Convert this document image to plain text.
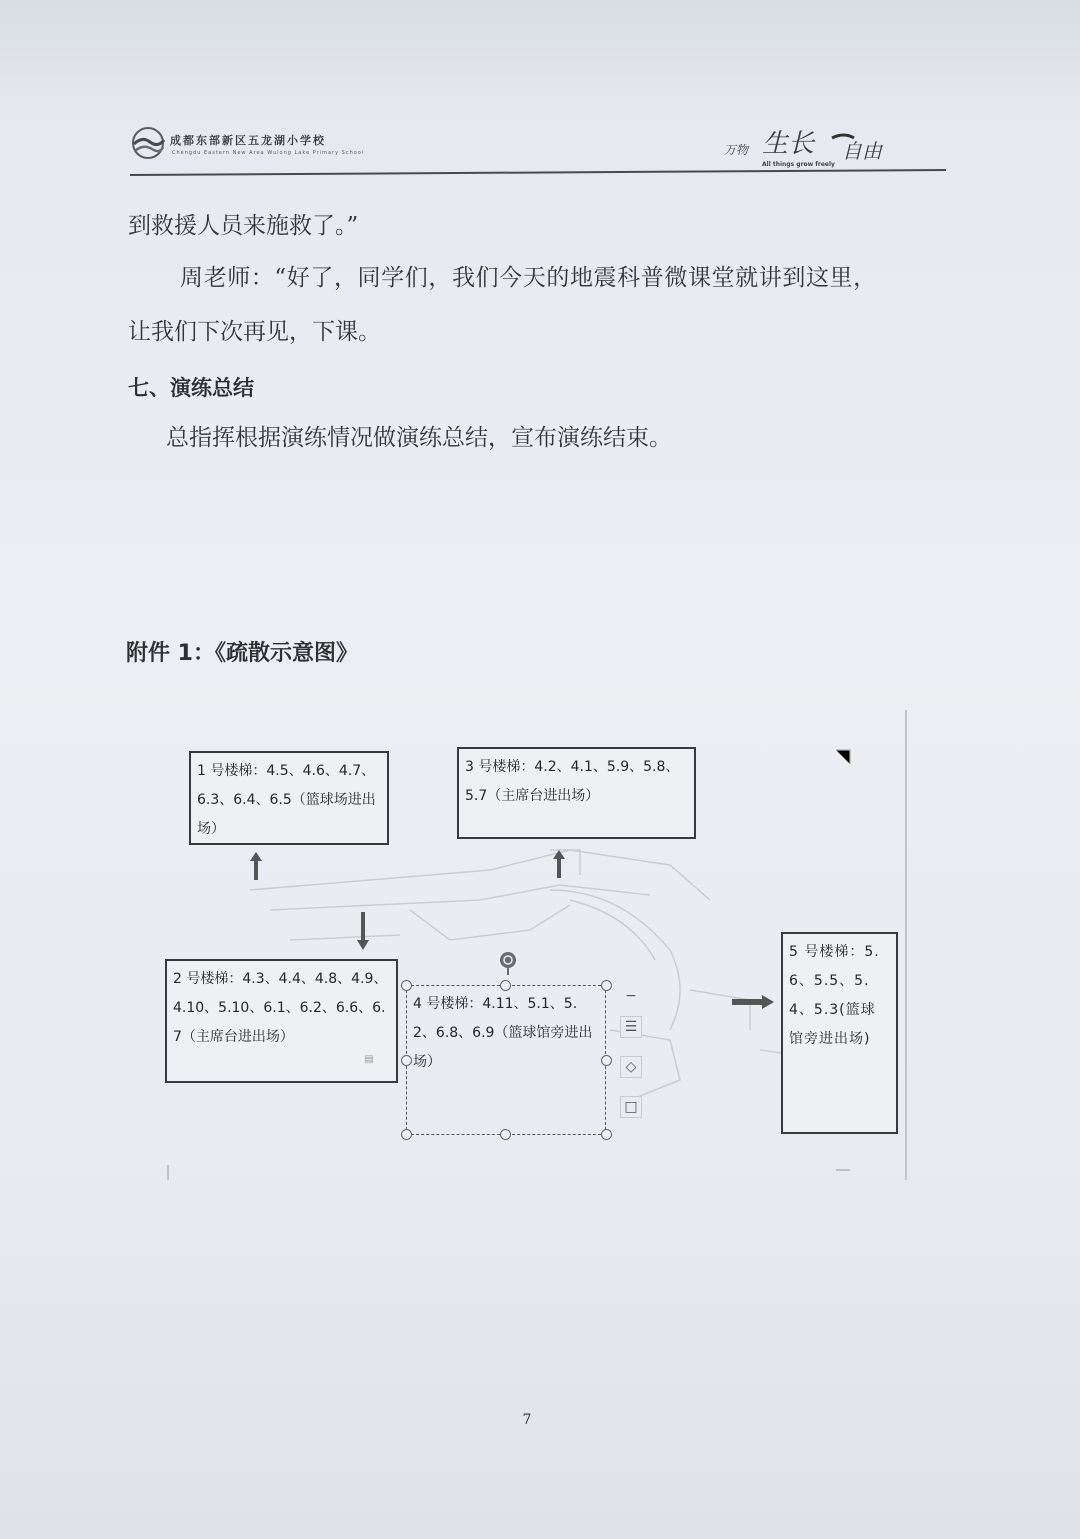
成都东部新区五龙湖小学校
Chengdu Eastern New Area Wulong Lake Primary School	万物 生长 自由
All things grow freely
到救援人员来施救了。”
周老师：“好了，同学们，我们今天的地震科普微课堂就讲到这里，
让我们下次再见，下课。
七、演练总结
总指挥根据演练情况做演练总结，宣布演练结束。
附件 1：《疏散示意图》
1 号楼梯：4.5、4.6、4.7、6.3、6.4、6.5（篮球场进出场）
3 号楼梯：4.2、4.1、5.9、5.8、5.7（主席台进出场）
2 号楼梯：4.3、4.4、4.8、4.9、4.10、5.10、6.1、6.2、6.6、6.7（主席台进出场）
5 号楼梯：5.6、5.5、5.4、5.3(篮球馆旁进出场)
4 号楼梯：4.11、5.1、5.2、6.8、6.9（篮球馆旁进出场）
−
☰
◇
□
▤
7
